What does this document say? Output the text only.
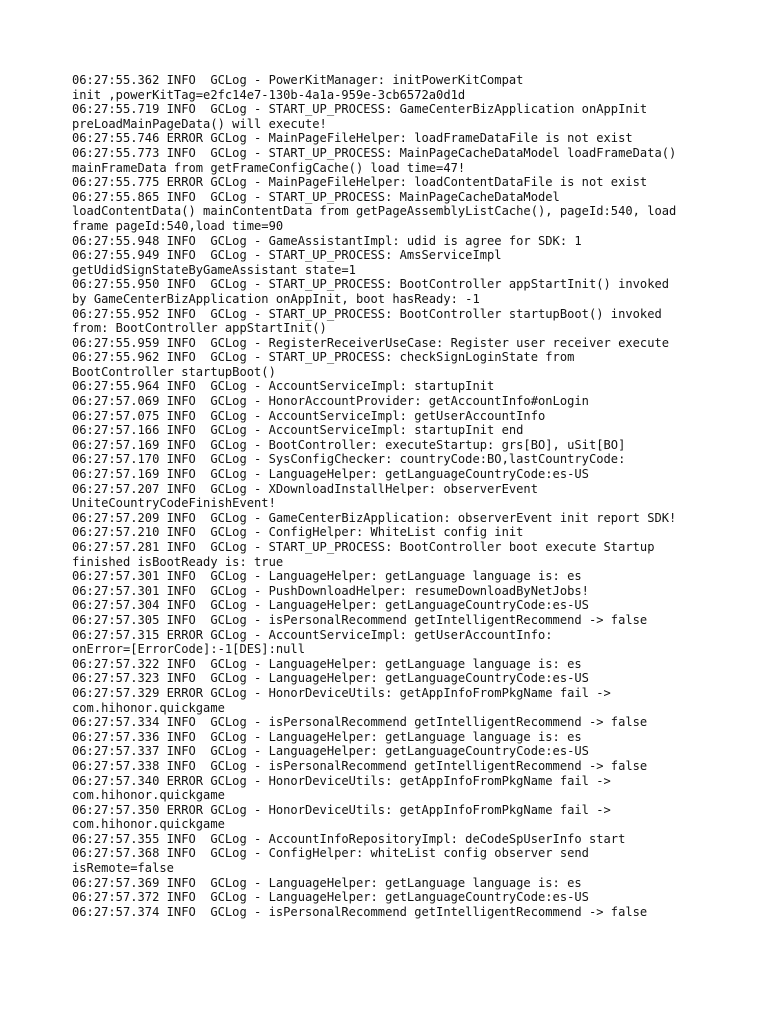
06:27:55.362 INFO  GCLog - PowerKitManager: initPowerKitCompat
init ,powerKitTag=e2fc14e7-130b-4a1a-959e-3cb6572a0d1d
06:27:55.719 INFO  GCLog - START_UP_PROCESS: GameCenterBizApplication onAppInit
preLoadMainPageData() will execute!
06:27:55.746 ERROR GCLog - MainPageFileHelper: loadFrameDataFile is not exist
06:27:55.773 INFO  GCLog - START_UP_PROCESS: MainPageCacheDataModel loadFrameData()
mainFrameData from getFrameConfigCache() load time=47!
06:27:55.775 ERROR GCLog - MainPageFileHelper: loadContentDataFile is not exist
06:27:55.865 INFO  GCLog - START_UP_PROCESS: MainPageCacheDataModel
loadContentData() mainContentData from getPageAssemblyListCache(), pageId:540, load
frame pageId:540,load time=90
06:27:55.948 INFO  GCLog - GameAssistantImpl: udid is agree for SDK: 1
06:27:55.949 INFO  GCLog - START_UP_PROCESS: AmsServiceImpl
getUdidSignStateByGameAssistant state=1
06:27:55.950 INFO  GCLog - START_UP_PROCESS: BootController appStartInit() invoked
by GameCenterBizApplication onAppInit, boot hasReady: -1
06:27:55.952 INFO  GCLog - START_UP_PROCESS: BootController startupBoot() invoked
from: BootController appStartInit()
06:27:55.959 INFO  GCLog - RegisterReceiverUseCase: Register user receiver execute
06:27:55.962 INFO  GCLog - START_UP_PROCESS: checkSignLoginState from
BootController startupBoot()
06:27:55.964 INFO  GCLog - AccountServiceImpl: startupInit
06:27:57.069 INFO  GCLog - HonorAccountProvider: getAccountInfo#onLogin
06:27:57.075 INFO  GCLog - AccountServiceImpl: getUserAccountInfo
06:27:57.166 INFO  GCLog - AccountServiceImpl: startupInit end
06:27:57.169 INFO  GCLog - BootController: executeStartup: grs[BO], uSit[BO]
06:27:57.170 INFO  GCLog - SysConfigChecker: countryCode:BO,lastCountryCode:
06:27:57.169 INFO  GCLog - LanguageHelper: getLanguageCountryCode:es-US
06:27:57.207 INFO  GCLog - XDownloadInstallHelper: observerEvent
UniteCountryCodeFinishEvent!
06:27:57.209 INFO  GCLog - GameCenterBizApplication: observerEvent init report SDK!
06:27:57.210 INFO  GCLog - ConfigHelper: WhiteList config init
06:27:57.281 INFO  GCLog - START_UP_PROCESS: BootController boot execute Startup
finished isBootReady is: true
06:27:57.301 INFO  GCLog - LanguageHelper: getLanguage language is: es
06:27:57.301 INFO  GCLog - PushDownloadHelper: resumeDownloadByNetJobs!
06:27:57.304 INFO  GCLog - LanguageHelper: getLanguageCountryCode:es-US
06:27:57.305 INFO  GCLog - isPersonalRecommend getIntelligentRecommend -> false
06:27:57.315 ERROR GCLog - AccountServiceImpl: getUserAccountInfo:
onError=[ErrorCode]:-1[DES]:null
06:27:57.322 INFO  GCLog - LanguageHelper: getLanguage language is: es
06:27:57.323 INFO  GCLog - LanguageHelper: getLanguageCountryCode:es-US
06:27:57.329 ERROR GCLog - HonorDeviceUtils: getAppInfoFromPkgName fail ->
com.hihonor.quickgame
06:27:57.334 INFO  GCLog - isPersonalRecommend getIntelligentRecommend -> false
06:27:57.336 INFO  GCLog - LanguageHelper: getLanguage language is: es
06:27:57.337 INFO  GCLog - LanguageHelper: getLanguageCountryCode:es-US
06:27:57.338 INFO  GCLog - isPersonalRecommend getIntelligentRecommend -> false
06:27:57.340 ERROR GCLog - HonorDeviceUtils: getAppInfoFromPkgName fail ->
com.hihonor.quickgame
06:27:57.350 ERROR GCLog - HonorDeviceUtils: getAppInfoFromPkgName fail ->
com.hihonor.quickgame
06:27:57.355 INFO  GCLog - AccountInfoRepositoryImpl: deCodeSpUserInfo start
06:27:57.368 INFO  GCLog - ConfigHelper: whiteList config observer send
isRemote=false
06:27:57.369 INFO  GCLog - LanguageHelper: getLanguage language is: es
06:27:57.372 INFO  GCLog - LanguageHelper: getLanguageCountryCode:es-US
06:27:57.374 INFO  GCLog - isPersonalRecommend getIntelligentRecommend -> false
